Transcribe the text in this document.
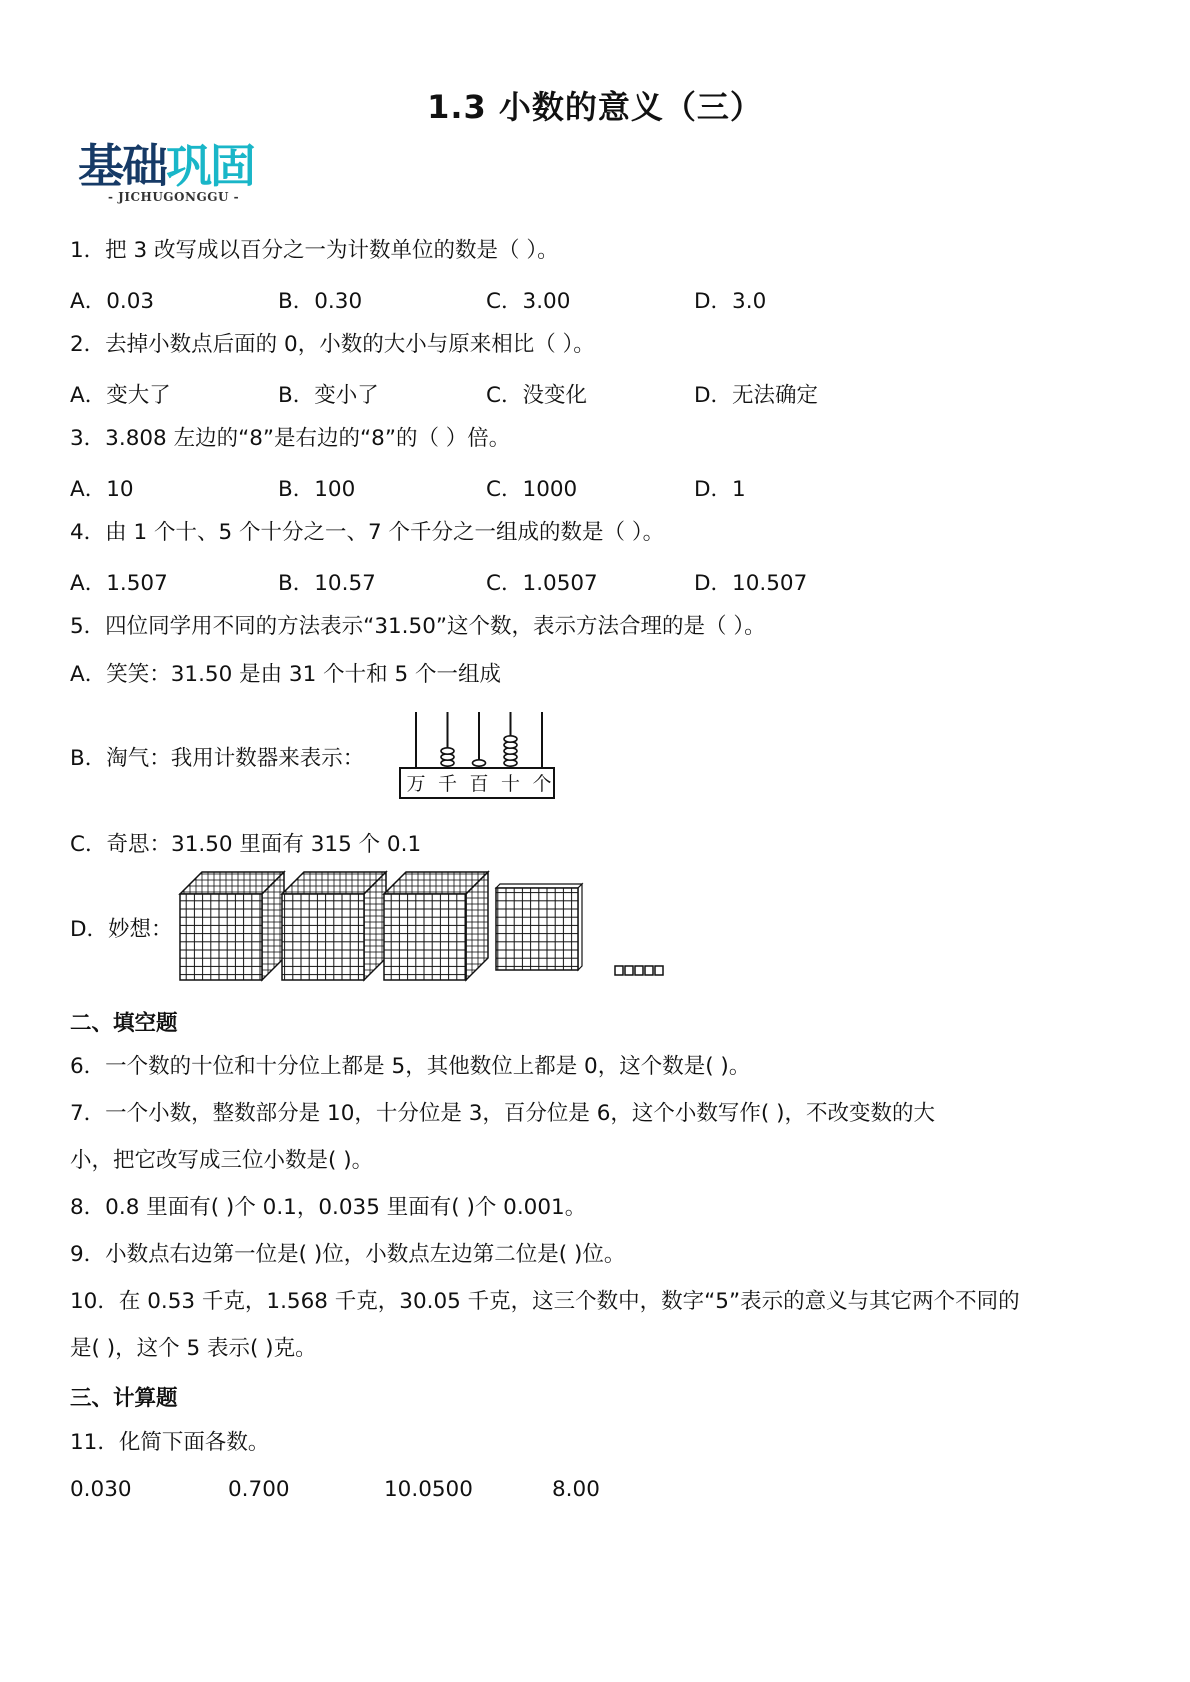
1.3 小数的意义（三）
基础巩固
- JICHUGONGGU -
1．把 3 改写成以百分之一为计数单位的数是（ ）。
A．0.03	B．0.30	C．3.00	D．3.0
2．去掉小数点后面的 0，小数的大小与原来相比（ ）。
A．变大了	B．变小了	C．没变化	D．无法确定
3．3.808 左边的“8”是右边的“8”的（ ）倍。
A．10	B．100	C．1000	D．1
4．由 1 个十、5 个十分之一、7 个千分之一组成的数是（ ）。
A．1.507	B．10.57	C．1.0507	D．10.507
5．四位同学用不同的方法表示“31.50”这个数，表示方法合理的是（ ）。
A．笑笑：31.50 是由 31 个十和 5 个一组成
B．淘气：我用计数器来表示：
万 千 百 十 个
C．奇思：31.50 里面有 315 个 0.1
D．妙想：
二、填空题
6．一个数的十位和十分位上都是 5，其他数位上都是 0，这个数是( )。
7．一个小数，整数部分是 10，十分位是 3，百分位是 6，这个小数写作( )，不改变数的大
小，把它改写成三位小数是( )。
8．0.8 里面有( )个 0.1，0.035 里面有( )个 0.001。
9．小数点右边第一位是( )位，小数点左边第二位是( )位。
10．在 0.53 千克，1.568 千克，30.05 千克，这三个数中，数字“5”表示的意义与其它两个不同的
是( )，这个 5 表示( )克。
三、计算题
11．化简下面各数。
0.030	0.700	10.0500	8.00
